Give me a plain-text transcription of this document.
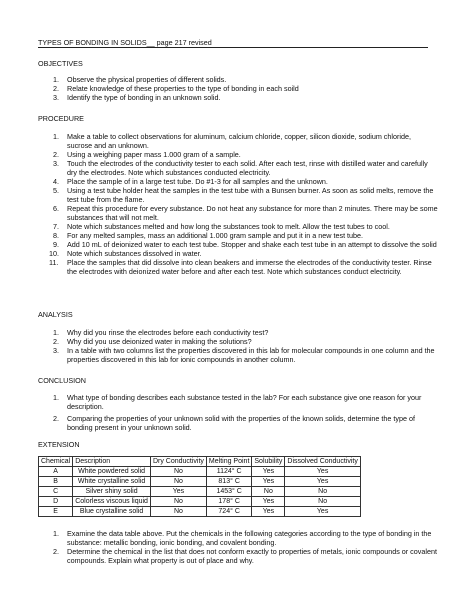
TYPES OF BONDING IN SOLIDS__ page 217 revised
OBJECTIVES
1. Observe the physical properties of different solids.
2. Relate knowledge of these properties to the type of bonding in each soild
3. Identify the type of bonding in an unknown solid.
PROCEDURE
1. Make a table to collect observations for aluminum, calcium chloride, copper, silicon dioxide, sodium chloride, sucrose and an unknown.
2. Using a weighing paper mass 1.000 gram of a sample.
3. Touch the electrodes of the conductivity tester to each solid. After each test, rinse with distilled water and carefully dry the electrodes. Note which substances conducted electricity.
4. Place the sample of in a large test tube. Do #1-3 for all samples and the unknown.
5. Using a test tube holder heat the samples in the test tube with a Bunsen burner. As soon as solid melts, remove the test tube from the flame.
6. Repeat this procedure for every substance. Do not heat any substance for more than 2 minutes. There may be some substances that will not melt.
7. Note which substances melted and how long the substances took to melt. Allow the test tubes to cool.
8. For any melted samples, mass an additional 1.000 gram sample and put it in a new test tube.
9. Add 10 mL of deionized water to each test tube. Stopper and shake each test tube in an attempt to dissolve the solid
10. Note which substances dissolved in water.
11. Place the samples that did dissolve into clean beakers and immerse the electrodes of the conductivity tester. Rinse the electrodes with deionized water before and after each test. Note which substances conduct electricity.
ANALYSIS
1. Why did you rinse the electrodes before each conductivity test?
2. Why did you use deionized water in making the solutions?
3. In a table with two columns list the properties discovered in this lab for molecular compounds in one column and the properties discovered in this lab for ionic compounds in another column.
CONCLUSION
1. What type of bonding describes each substance tested in the lab? For each substance give one reason for your description.
2. Comparing the properties of your unknown solid with the properties of the known solids, determine the type of bonding present in your unknown solid.
EXTENSION
Chemical	Description	Dry Conductivity	Melting Point	Solubility	Dissolved Conductivity
A	White powdered solid	No	1124° C	Yes	Yes
B	White crystalline solid	No	813° C	Yes	Yes
C	Silver shiny solid	Yes	1453° C	No	No
D	Colorless viscous liquid	No	178° C	Yes	No
E	Blue crystalline solid	No	724° C	Yes	Yes
1. Examine the data table above. Put the chemicals in the following categories according to the type of bonding in the substance: metallic bonding, ionic bonding, and covalent bonding.
2. Determine the chemical in the list that does not conform exactly to properties of metals, ionic compounds or covalent compounds. Explain what property is out of place and why.
